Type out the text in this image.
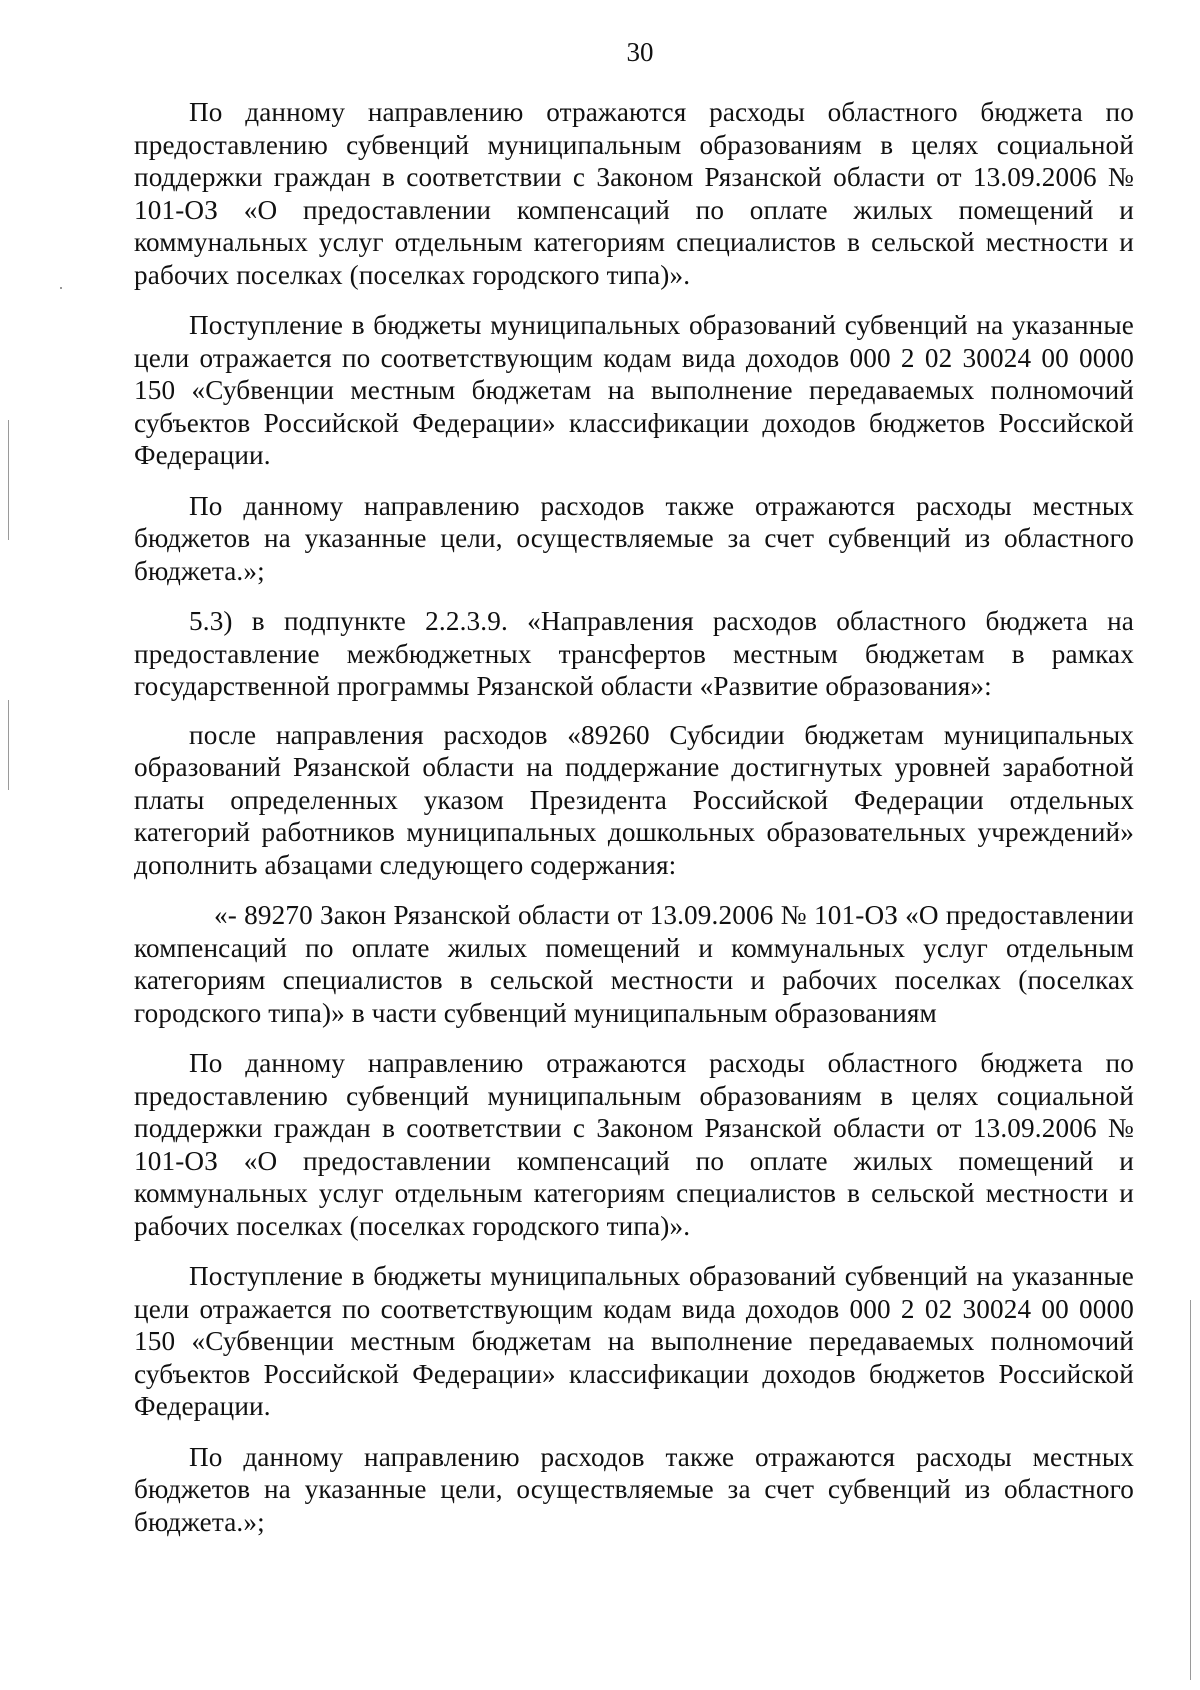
30

По данному направлению отражаются расходы областного бюджета по предоставлению субвенций муниципальным образованиям в целях социальной поддержки граждан в соответствии с Законом Рязанской области от 13.09.2006 № 101-ОЗ «О предоставлении компенсаций по оплате жилых помещений и коммунальных услуг отдельным категориям специалистов в сельской местности и рабочих поселках (поселках городского типа)».

Поступление в бюджеты муниципальных образований субвенций на указанные цели отражается по соответствующим кодам вида доходов 000 2 02 30024 00 0000 150 «Субвенции местным бюджетам на выполнение передаваемых полномочий субъектов Российской Федерации» классификации доходов бюджетов Российской Федерации.

По данному направлению расходов также отражаются расходы местных бюджетов на указанные цели, осуществляемые за счет субвенций из областного бюджета.»;

5.3) в подпункте 2.2.3.9. «Направления расходов областного бюджета на предоставление межбюджетных трансфертов местным бюджетам в рамках государственной программы Рязанской области «Развитие образования»:

после направления расходов «89260 Субсидии бюджетам муниципальных образований Рязанской области на поддержание достигнутых уровней заработной платы определенных указом Президента Российской Федерации отдельных категорий работников муниципальных дошкольных образовательных учреждений» дополнить абзацами следующего содержания:

«- 89270 Закон Рязанской области от 13.09.2006 № 101-ОЗ «О предоставлении компенсаций по оплате жилых помещений и коммунальных услуг отдельным категориям специалистов в сельской местности и рабочих поселках (поселках городского типа)» в части субвенций муниципальным образованиям

По данному направлению отражаются расходы областного бюджета по предоставлению субвенций муниципальным образованиям в целях социальной поддержки граждан в соответствии с Законом Рязанской области от 13.09.2006 № 101-ОЗ «О предоставлении компенсаций по оплате жилых помещений и коммунальных услуг отдельным категориям специалистов в сельской местности и рабочих поселках (поселках городского типа)».

Поступление в бюджеты муниципальных образований субвенций на указанные цели отражается по соответствующим кодам вида доходов 000 2 02 30024 00 0000 150 «Субвенции местным бюджетам на выполнение передаваемых полномочий субъектов Российской Федерации» классификации доходов бюджетов Российской Федерации.

По данному направлению расходов также отражаются расходы местных бюджетов на указанные цели, осуществляемые за счет субвенций из областного бюджета.»;
